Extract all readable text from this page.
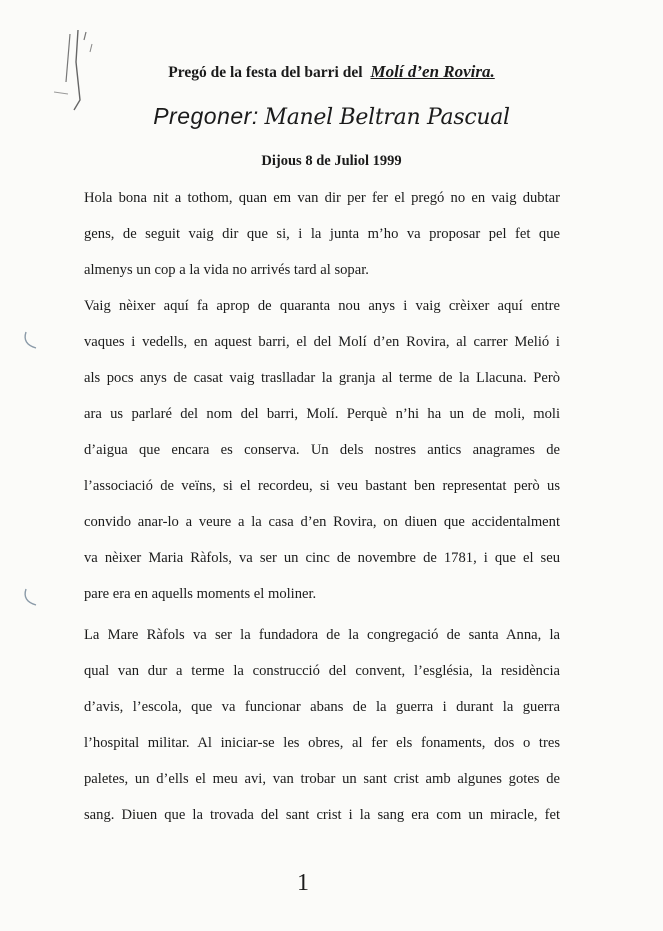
Pregó de la festa del barri del Molí d’en Rovira.
Pregoner: Manel Beltran Pascual
Dijous 8 de Juliol 1999
Hola bona nit a tothom, quan em van dir per fer el pregó no en vaig dubtar
gens, de seguit vaig dir que si, i la junta m’ho va proposar pel fet que
almenys un cop a la vida no arrivés tard al sopar.
Vaig nèixer aquí fa aprop de quaranta nou anys i vaig crèixer aquí entre
vaques i vedells, en aquest barri, el del Molí d’en Rovira, al carrer Melió i
als pocs anys de casat vaig traslladar la granja al terme de la Llacuna. Però
ara us parlaré del nom del barri, Molí. Perquè n’hi ha un de moli, moli
d’aigua que encara es conserva. Un dels nostres antics anagrames de
l’associació de veïns, si el recordeu, si veu bastant ben representat però us
convido anar-lo a veure a la casa d’en Rovira, on diuen que accidentalment
va nèixer Maria Ràfols, va ser un cinc de novembre de 1781, i que el seu
pare era en aquells moments el moliner.
La Mare Ràfols va ser la fundadora de la congregació de santa Anna, la
qual van dur a terme la construcció del convent, l’església, la residència
d’avis, l’escola, que va funcionar abans de la guerra i durant la guerra
l’hospital militar. Al iniciar-se les obres, al fer els fonaments, dos o tres
paletes, un d’ells el meu avi, van trobar un sant crist amb algunes gotes de
sang. Diuen que la trovada del sant crist i la sang era com un miracle, fet
1
